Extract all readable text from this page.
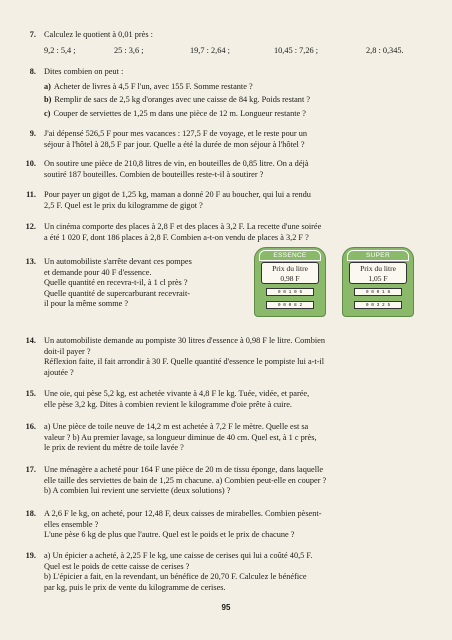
7. Calculez le quotient à 0,01 près :
9,2 : 5,4 ;	25 : 3,6 ;	19,7 : 2,64 ;	10,45 : 7,26 ;	2,8 : 0,345.
8. Dites combien on peut :
a) Acheter de livres à 4,5 F l'un, avec 155 F. Somme restante ?
b) Remplir de sacs de 2,5 kg d'oranges avec une caisse de 84 kg. Poids restant ?
c) Couper de serviettes de 1,25 m dans une pièce de 12 m. Longueur restante ?
9. J'ai dépensé 526,5 F pour mes vacances : 127,5 F de voyage, et le reste pour un
séjour à l'hôtel à 28,5 F par jour. Quelle a été la durée de mon séjour à l'hôtel ?
10. On soutire une pièce de 210,8 litres de vin, en bouteilles de 0,85 litre. On a déjà
soutiré 187 bouteilles. Combien de bouteilles reste-t-il à soutirer ?
11. Pour payer un gigot de 1,25 kg, maman a donné 20 F au boucher, qui lui a rendu
2,5 F. Quel est le prix du kilogramme de gigot ?
12. Un cinéma comporte des places à 2,8 F et des places à 3,2 F. La recette d'une soirée
a été 1 020 F, dont 186 places à 2,8 F. Combien a-t-on vendu de places à 3,2 F ?
13. Un automobiliste s'arrête devant ces pompes
et demande pour 40 F d'essence.
Quelle quantité en recevra-t-il, à 1 cl près ?
Quelle quantité de supercarburant recevrait-
il pour la même somme ?
ESSENCE
Prix du litre
0,98 F
0 0 1 0 5
0 0 0 8 2
SUPER
Prix du litre
1,05 F
0 0 0 1 8
0 0 3 2 5
14. Un automobiliste demande au pompiste 30 litres d'essence à 0,98 F le litre. Combien
doit-il payer ?
Réflexion faite, il fait arrondir à 30 F. Quelle quantité d'essence le pompiste lui a-t-il
ajoutée ?
15. Une oie, qui pèse 5,2 kg, est achetée vivante à 4,8 F le kg. Tuée, vidée, et parée,
elle pèse 3,2 kg. Dites à combien revient le kilogramme d'oie prête à cuire.
16. a) Une pièce de toile neuve de 14,2 m est achetée à 7,2 F le mètre. Quelle est sa
valeur ? b) Au premier lavage, sa longueur diminue de 40 cm. Quel est, à 1 c près,
le prix de revient du mètre de toile lavée ?
17. Une ménagère a acheté pour 164 F une pièce de 20 m de tissu éponge, dans laquelle
elle taille des serviettes de bain de 1,25 m chacune. a) Combien peut-elle en couper ?
b) A combien lui revient une serviette (deux solutions) ?
18. A 2,6 F le kg, on acheté, pour 12,48 F, deux caisses de mirabelles. Combien pèsent-
elles ensemble ?
L'une pèse 6 kg de plus que l'autre. Quel est le poids et le prix de chacune ?
19. a) Un épicier a acheté, à 2,25 F le kg, une caisse de cerises qui lui a coûté 40,5 F.
Quel est le poids de cette caisse de cerises ?
b) L'épicier a fait, en la revendant, un bénéfice de 20,70 F. Calculez le bénéfice
par kg, puis le prix de vente du kilogramme de cerises.
95
